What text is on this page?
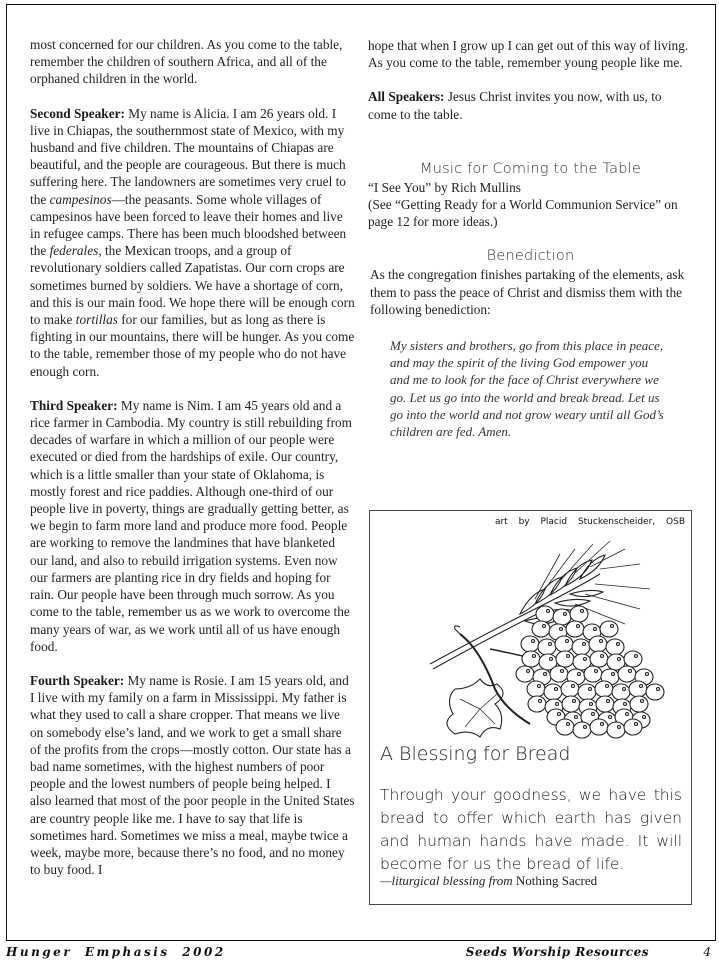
most concerned for our children. As you come to the table, remember the children of southern Africa, and all of the orphaned children in the world.

Second Speaker: My name is Alicia. I am 26 years old. I live in Chiapas, the southernmost state of Mexico, with my husband and five children. The mountains of Chiapas are beautiful, and the people are courageous. But there is much suffering here. The landowners are sometimes very cruel to the campesinos—the peasants. Some whole villages of campesinos have been forced to leave their homes and live in refugee camps. There has been much bloodshed between the federales, the Mexican troops, and a group of revolutionary soldiers called Zapatistas. Our corn crops are sometimes burned by soldiers. We have a shortage of corn, and this is our main food. We hope there will be enough corn to make tortillas for our families, but as long as there is fighting in our mountains, there will be hunger. As you come to the table, remember those of my people who do not have enough corn.

Third Speaker: My name is Nim. I am 45 years old and a rice farmer in Cambodia. My country is still rebuilding from decades of warfare in which a million of our people were executed or died from the hardships of exile. Our country, which is a little smaller than your state of Oklahoma, is mostly forest and rice paddies. Although one-third of our people live in poverty, things are gradually getting better, as we begin to farm more land and produce more food. People are working to remove the landmines that have blanketed our land, and also to rebuild irrigation systems. Even now our farmers are planting rice in dry fields and hoping for rain. Our people have been through much sorrow. As you come to the table, remember us as we work to overcome the many years of war, as we work until all of us have enough food.

Fourth Speaker: My name is Rosie. I am 15 years old, and I live with my family on a farm in Mississippi. My father is what they used to call a share cropper. That means we live on somebody else’s land, and we work to get a small share of the profits from the crops—mostly cotton. Our state has a bad name sometimes, with the highest numbers of poor people and the lowest numbers of people being helped. I also learned that most of the poor people in the United States are country people like me. I have to say that life is sometimes hard. Sometimes we miss a meal, maybe twice a week, maybe more, because there’s no food, and no money to buy food. I

hope that when I grow up I can get out of this way of living. As you come to the table, remember young people like me.

All Speakers: Jesus Christ invites you now, with us, to come to the table.

Music for Coming to the Table
“I See You” by Rich Mullins
(See “Getting Ready for a World Communion Service” on page 12 for more ideas.)
Benediction
As the congregation finishes partaking of the elements, ask them to pass the peace of Christ and dismiss them with the following benediction:
My sisters and brothers, go from this place in peace, and may the spirit of the living God empower you and me to look for the face of Christ everywhere we go. Let us go into the world and break bread. Let us go into the world and not grow weary until all God’s children are fed. Amen.
art by Placid Stuckenscheider, OSB
A Blessing for Bread
Through your goodness, we have this bread to offer which earth has given and human hands have made. It will become for us the bread of life.
—liturgical blessing from Nothing Sacred
Hunger Emphasis 2002	Seeds Worship Resources	4
